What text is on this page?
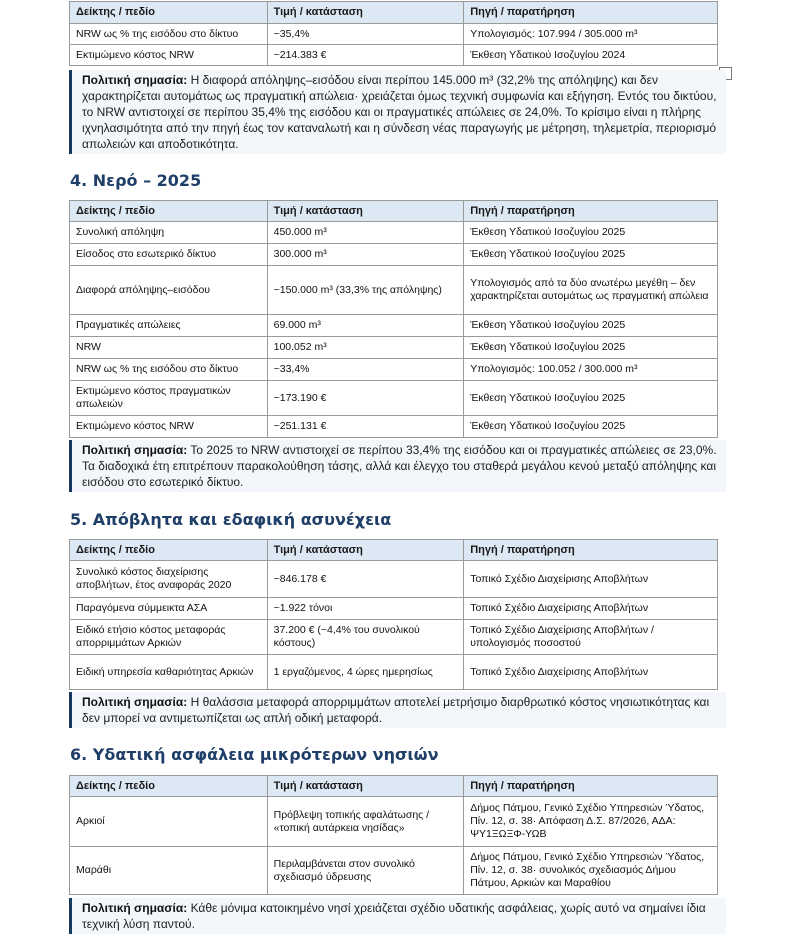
Δείκτης / πεδίο	Τιμή / κατάσταση	Πηγή / παρατήρηση
NRW ως % της εισόδου στο δίκτυο	~35,4%	Υπολογισμός: 107.994 / 305.000 m³
Εκτιμώμενο κόστος NRW	~214.383 €	Έκθεση Υδατικού Ισοζυγίου 2024
Πολιτική σημασία: Η διαφορά απόληψης–εισόδου είναι περίπου 145.000 m³ (32,2% της απόληψης) και δεν χαρακτηρίζεται αυτομάτως ως πραγματική απώλεια· χρειάζεται όμως τεχνική συμφωνία και εξήγηση. Εντός του δικτύου, το NRW αντιστοιχεί σε περίπου 35,4% της εισόδου και οι πραγματικές απώλειες σε 24,0%. Το κρίσιμο είναι η πλήρης ιχνηλασιμότητα από την πηγή έως τον καταναλωτή και η σύνδεση νέας παραγωγής με μέτρηση, τηλεμετρία, περιορισμό απωλειών και αποδοτικότητα.
4. Νερό – 2025
Δείκτης / πεδίο	Τιμή / κατάσταση	Πηγή / παρατήρηση
Συνολική απόληψη	450.000 m³	Έκθεση Υδατικού Ισοζυγίου 2025
Είσοδος στο εσωτερικό δίκτυο	300.000 m³	Έκθεση Υδατικού Ισοζυγίου 2025
Διαφορά απόληψης–εισόδου	~150.000 m³ (33,3% της απόληψης)	Υπολογισμός από τα δύο ανωτέρω μεγέθη – δεν χαρακτηρίζεται αυτομάτως ως πραγματική απώλεια
Πραγματικές απώλειες	69.000 m³	Έκθεση Υδατικού Ισοζυγίου 2025
NRW	100.052 m³	Έκθεση Υδατικού Ισοζυγίου 2025
NRW ως % της εισόδου στο δίκτυο	~33,4%	Υπολογισμός: 100.052 / 300.000 m³
Εκτιμώμενο κόστος πραγματικών απωλειών	~173.190 €	Έκθεση Υδατικού Ισοζυγίου 2025
Εκτιμώμενο κόστος NRW	~251.131 €	Έκθεση Υδατικού Ισοζυγίου 2025
Πολιτική σημασία: Το 2025 το NRW αντιστοιχεί σε περίπου 33,4% της εισόδου και οι πραγματικές απώλειες σε 23,0%. Τα διαδοχικά έτη επιτρέπουν παρακολούθηση τάσης, αλλά και έλεγχο του σταθερά μεγάλου κενού μεταξύ απόληψης και εισόδου στο εσωτερικό δίκτυο.
5. Απόβλητα και εδαφική ασυνέχεια
Δείκτης / πεδίο	Τιμή / κατάσταση	Πηγή / παρατήρηση
Συνολικό κόστος διαχείρισης αποβλήτων, έτος αναφοράς 2020	~846.178 €	Τοπικό Σχέδιο Διαχείρισης Αποβλήτων
Παραγόμενα σύμμεικτα ΑΣΑ	~1.922 τόνοι	Τοπικό Σχέδιο Διαχείρισης Αποβλήτων
Ειδικό ετήσιο κόστος μεταφοράς απορριμμάτων Αρκιών	37.200 € (~4,4% του συνολικού κόστους)	Τοπικό Σχέδιο Διαχείρισης Αποβλήτων / υπολογισμός ποσοστού
Ειδική υπηρεσία καθαριότητας Αρκιών	1 εργαζόμενος, 4 ώρες ημερησίως	Τοπικό Σχέδιο Διαχείρισης Αποβλήτων
Πολιτική σημασία: Η θαλάσσια μεταφορά απορριμμάτων αποτελεί μετρήσιμο διαρθρωτικό κόστος νησιωτικότητας και δεν μπορεί να αντιμετωπίζεται ως απλή οδική μεταφορά.
6. Υδατική ασφάλεια μικρότερων νησιών
Δείκτης / πεδίο	Τιμή / κατάσταση	Πηγή / παρατήρηση
Αρκιοί	Πρόβλεψη τοπικής αφαλάτωσης / «τοπική αυτάρκεια νησίδας»	Δήμος Πάτμου, Γενικό Σχέδιο Υπηρεσιών Ύδατος, Πίν. 12, σ. 38· Απόφαση Δ.Σ. 87/2026, ΑΔΑ: ΨΥ1ΞΩΞΦ-ΥΩΒ
Μαράθι	Περιλαμβάνεται στον συνολικό σχεδιασμό ύδρευσης	Δήμος Πάτμου, Γενικό Σχέδιο Υπηρεσιών Ύδατος, Πίν. 12, σ. 38· συνολικός σχεδιασμός Δήμου Πάτμου, Αρκιών και Μαραθίου
Πολιτική σημασία: Κάθε μόνιμα κατοικημένο νησί χρειάζεται σχέδιο υδατικής ασφάλειας, χωρίς αυτό να σημαίνει ίδια τεχνική λύση παντού.
